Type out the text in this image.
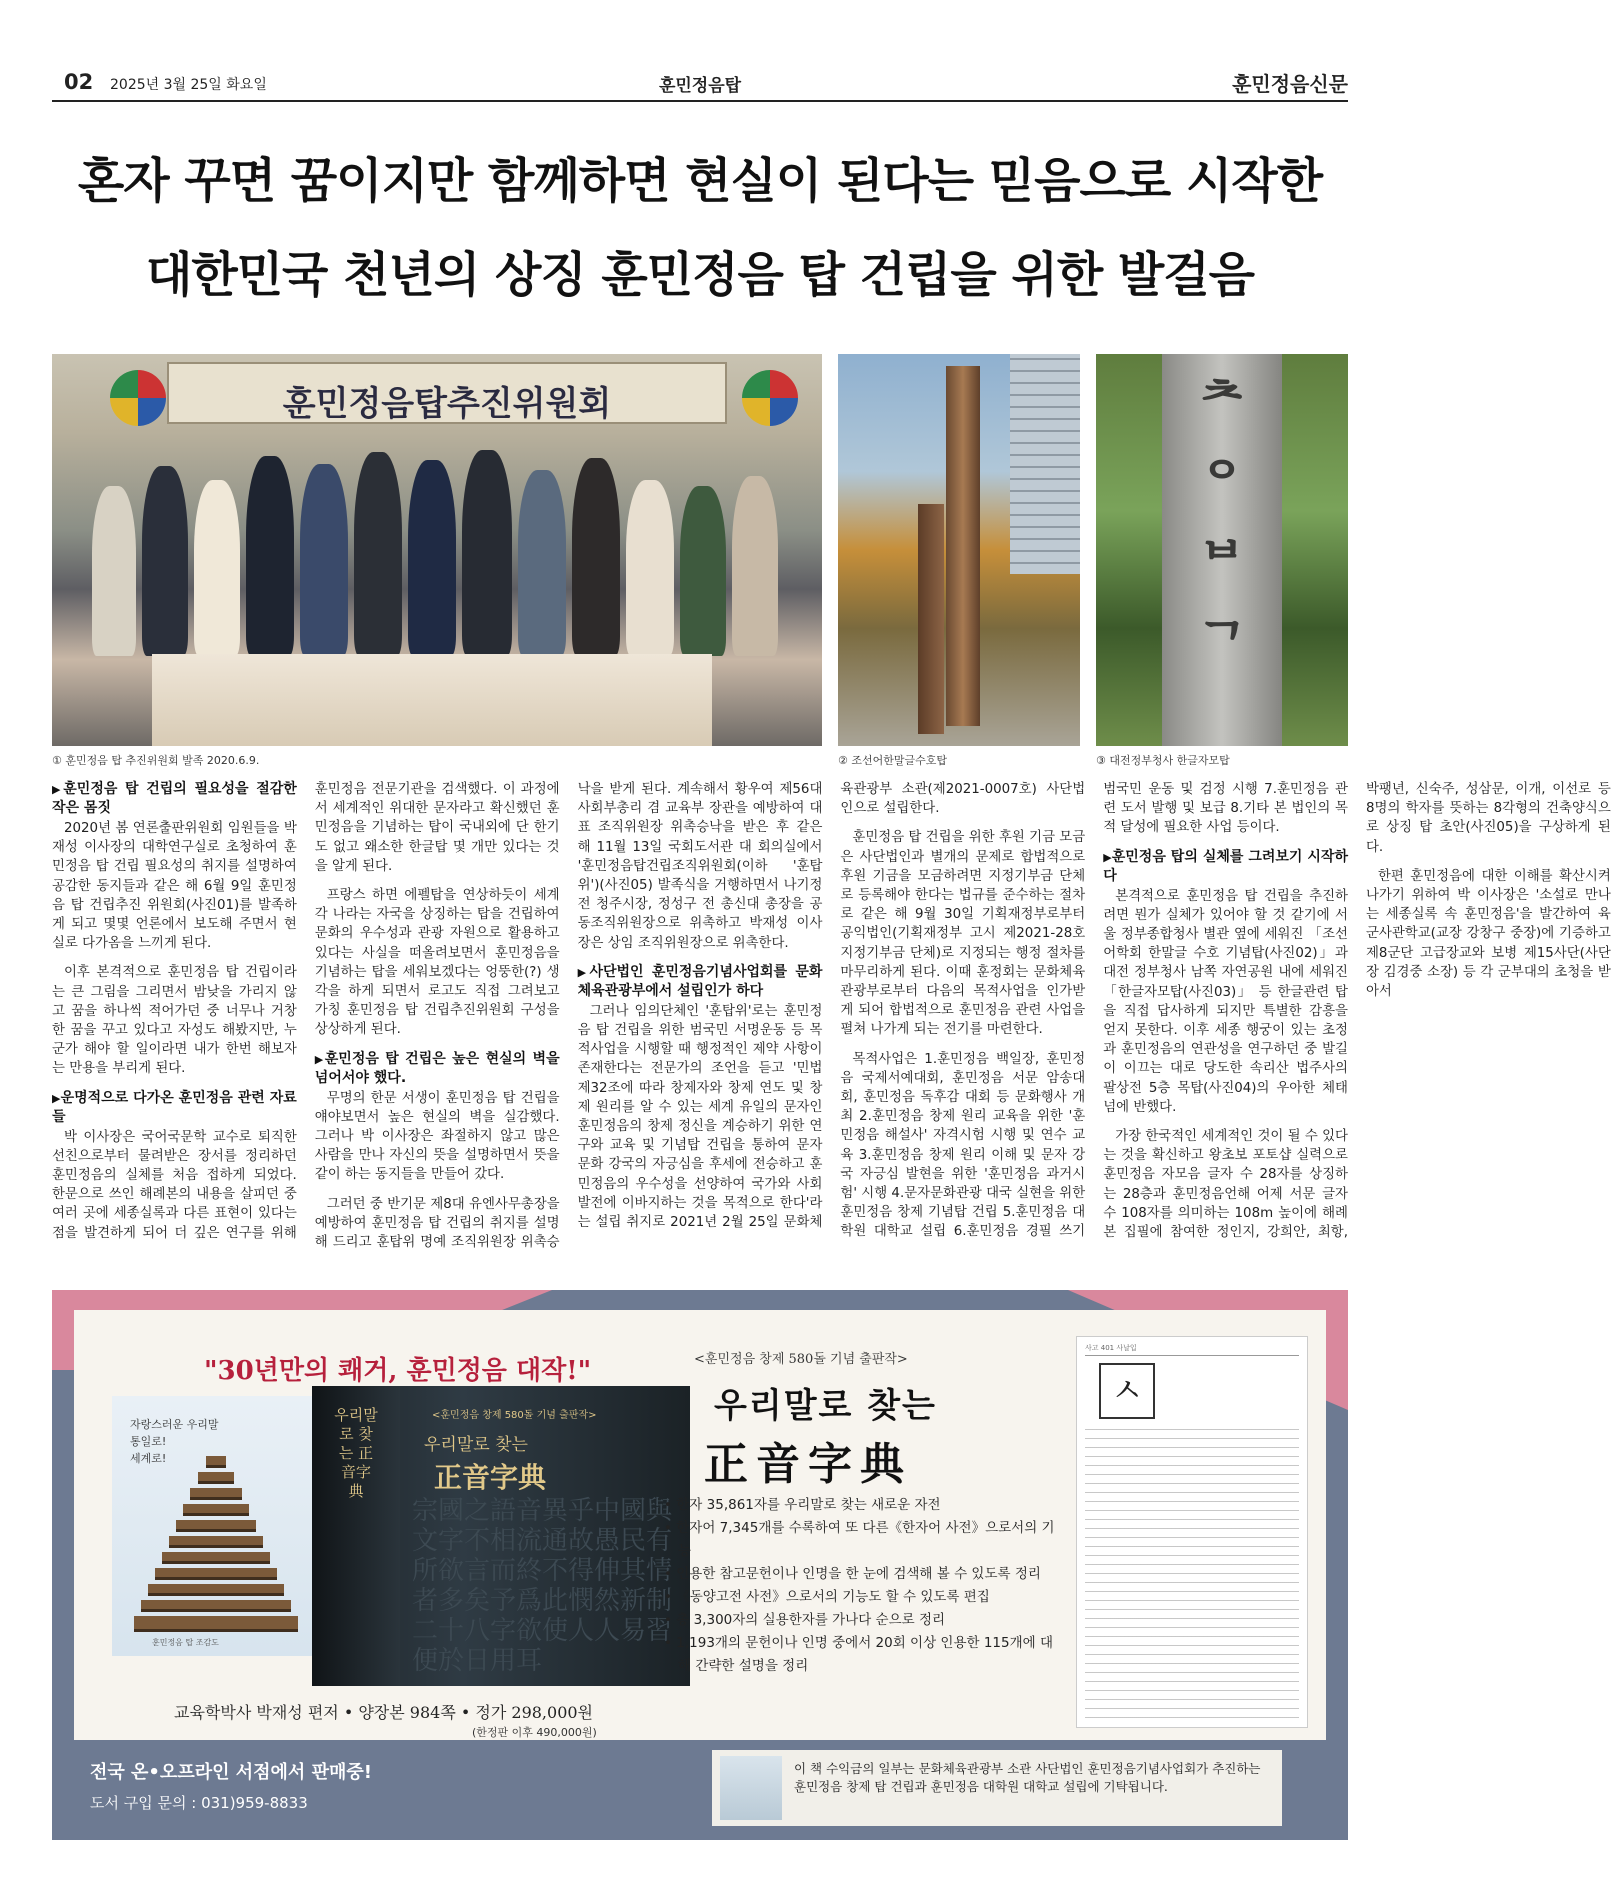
02 2025년 3월 25일 화요일	훈민정음탑	훈민정음신문
혼자 꾸면 꿈이지만 함께하면 현실이 된다는 믿음으로 시작한
대한민국 천년의 상징 훈민정음 탑 건립을 위한 발걸음
훈민정음탑추진위원회	ᄎ
ᄋ
ᄇ
ᄀ
① 훈민정음 탑 추진위원회 발족 2020.6.9.	② 조선어한말글수호탑	③ 대전정부청사 한글자모탑
▶ 훈민정음 탑 건립의 필요성을 절감한 작은 몸짓

2020년 봄 연론출판위원회 임원들을 박재성 이사장의 대학연구실로 초청하여 훈민정음 탑 건립 필요성의 취지를 설명하여 공감한 동지들과 같은 해 6월 9일 훈민정음 탑 건립추진 위원회(사진01)를 발족하게 되고 몇몇 언론에서 보도해 주면서 현실로 다가옴을 느끼게 된다.

이후 본격적으로 훈민정음 탑 건립이라는 큰 그림을 그리면서 밤낮을 가리지 않고 꿈을 하나씩 적어가던 중 너무나 거창한 꿈을 꾸고 있다고 자성도 해봤지만, 누군가 해야 할 일이라면 내가 한번 해보자는 만용을 부리게 된다.

▶ 운명적으로 다가온 훈민정음 관련 자료들

박 이사장은 국어국문학 교수로 퇴직한 선친으로부터 물려받은 장서를 정리하던 훈민정음의 실체를 처음 접하게 되었다. 한문으로 쓰인 해례본의 내용을 살피던 중 여러 곳에 세종실록과 다른 표현이 있다는 점을 발견하게 되어 더 깊은 연구를 위해 훈민정음 전문기관을 검색했다. 이 과정에서 세계적인 위대한 문자라고 확신했던 훈민정음을 기념하는 탑이 국내외에 단 한기도 없고 왜소한 한글탑 몇 개만 있다는 것을 알게 된다.

프랑스 하면 에펠탑을 연상하듯이 세계 각 나라는 자국을 상징하는 탑을 건립하여 문화의 우수성과 관광 자원으로 활용하고 있다는 사실을 떠올려보면서 훈민정음을 기념하는 탑을 세워보겠다는 엉뚱한(?) 생각을 하게 되면서 로고도 직접 그려보고 가칭 훈민정음 탑 건립추진위원회 구성을 상상하게 된다.

▶ 훈민정음 탑 건립은 높은 현실의 벽을 넘어서야 했다.

무명의 한문 서생이 훈민정음 탑 건립을 얘야보면서 높은 현실의 벽을 실감했다. 그러나 박 이사장은 좌절하지 않고 많은 사람을 만나 자신의 뜻을 설명하면서 뜻을 같이 하는 동지들을 만들어 갔다.

그러던 중 반기문 제8대 유엔사무총장을 예방하여 훈민정음 탑 건립의 취지를 설명해 드리고 훈탑위 명예 조직위원장 위촉승낙을 받게 된다. 계속해서 황우여 제56대 사회부총리 겸 교육부 장관을 예방하여 대표 조직위원장 위촉승낙을 받은 후 같은 해 11월 13일 국회도서관 대 회의실에서 '훈민정음탑건립조직위원회(이하 '훈탑위')(사진05) 발족식을 거행하면서 나기정 전 청주시장, 정성구 전 총신대 총장을 공동조직위원장으로 위촉하고 박재성 이사장은 상임 조직위원장으로 위촉한다.

▶ 사단법인 훈민정음기념사업회를 문화체육관광부에서 설립인가 하다

그러나 임의단체인 '훈탑위'로는 훈민정음 탑 건립을 위한 범국민 서명운동 등 목적사업을 시행할 때 행정적인 제약 사항이 존재한다는 전문가의 조언을 듣고 '민법 제32조에 따라 창제자와 창제 연도 및 창제 원리를 알 수 있는 세계 유일의 문자인 훈민정음의 창제 정신을 계승하기 위한 연구와 교육 및 기념탑 건립을 통하여 문자문화 강국의 자긍심을 후세에 전승하고 훈민정음의 우수성을 선양하여 국가와 사회 발전에 이바지하는 것을 목적으로 한다'라는 설립 취지로 2021년 2월 25일 문화체육관광부 소관(제2021-0007호) 사단법인으로 설립한다.

훈민정음 탑 건립을 위한 후원 기금 모금은 사단법인과 별개의 문제로 합법적으로 후원 기금을 모금하려면 지정기부금 단체로 등록해야 한다는 법규를 준수하는 절차로 같은 해 9월 30일 기획재정부로부터 공익법인(기획재정부 고시 제2021-28호 지정기부금 단체)로 지정되는 행정 절차를 마무리하게 된다. 이때 훈정회는 문화체육관광부로부터 다음의 목적사업을 인가받게 되어 합법적으로 훈민정음 관련 사업을 펼쳐 나가게 되는 전기를 마련한다.

목적사업은 1.훈민정음 백일장, 훈민정음 국제서예대회, 훈민정음 서문 암송대회, 훈민정음 독후감 대회 등 문화행사 개최 2.훈민정음 창제 원리 교육을 위한 '훈민정음 해설사' 자격시험 시행 및 연수 교육 3.훈민정음 창제 원리 이해 및 문자 강국 자긍심 발현을 위한 '훈민정음 과거시험' 시행 4.문자문화관광 대국 실현을 위한 훈민정음 창제 기념탑 건립 5.훈민정음 대학원 대학교 설립 6.훈민정음 경필 쓰기 범국민 운동 및 검정 시행 7.훈민정음 관련 도서 발행 및 보급 8.기타 본 법인의 목적 달성에 필요한 사업 등이다.

▶ 훈민정음 탑의 실체를 그려보기 시작하다

본격적으로 훈민정음 탑 건립을 추진하려면 뭔가 실체가 있어야 할 것 같기에 서울 정부종합청사 별관 옆에 세워진 「조선어학회 한말글 수호 기념탑(사진02)」과 대전 정부청사 남쪽 자연공원 내에 세워진 「한글자모탑(사진03)」 등 한글관련 탑을 직접 답사하게 되지만 특별한 감흥을 얻지 못한다. 이후 세종 행궁이 있는 초정과 훈민정음의 연관성을 연구하던 중 발길이 이끄는 대로 당도한 속리산 법주사의 팔상전 5층 목탑(사진04)의 우아한 체태 넘에 반했다.

가장 한국적인 세계적인 것이 될 수 있다는 것을 확신하고 왕초보 포토샵 실력으로 훈민정음 자모음 글자 수 28자를 상징하는 28층과 훈민정음언해 어제 서문 글자 수 108자를 의미하는 108m 높이에 해례본 집필에 참여한 정인지, 강희안, 최항, 박팽년, 신숙주, 성삼문, 이개, 이선로 등 8명의 학자를 뜻하는 8각형의 건축양식으로 상징 탑 초안(사진05)을 구상하게 된다.

한편 훈민정음에 대한 이해를 확산시켜 나가기 위하여 박 이사장은 '소설로 만나는 세종실록 속 훈민정음'을 발간하여 육군사관학교(교장 강창구 중장)에 기증하고 제8군단 고급장교와 보병 제15사단(사단장 김경중 소장) 등 각 군부대의 초청을 받아서

"30년만의 쾌거, 훈민정음 대작!"
자랑스러운 우리말
통일로!
세계로!
훈민정음 탑 조감도
우리말로 찾는 正音字典
宗國之語音異乎中國與文字不相流通故愚民有所欲言而終不得伸其情者多矣予爲此憫然新制二十八字欲使人人易習便於日用耳
<훈민정음 창제 580돌 기념 출판작>
우리말로 찾는
正音字典
교육학박사 박재성 편저 • 양장본 984쪽 • 정가 298,000원
(한정판 이후 490,000원)
<훈민정음 창제 580돌 기념 출판작>
우리말로 찾는
正音字典
• 한자 35,861자를 우리말로 찾는 새로운 자전
• 한자어 7,345개를 수록하여 또 다른《한자어 사전》으로서의 기능
• 인용한 참고문헌이나 인명을 한 눈에 검색해 볼 수 있도록 정리
• 《동양고전 사전》으로서의 기능도 할 수 있도록 편집
• 총 3,300자의 실용한자를 가나다 순으로 정리
• 1,193개의 문헌이나 인명 중에서 20회 이상 인용한 115개에 대해 간략한 설명을 정리
사고 401 사날입
ㅅ
전국 온•오프라인 서점에서 판매중!
도서 구입 문의 : 031)959-8833
이 책 수익금의 일부는 문화체육관광부 소관 사단법인 훈민정음기념사업회가 추진하는 훈민정음 창제 탑 건립과 훈민정음 대학원 대학교 설립에 기탁됩니다.
